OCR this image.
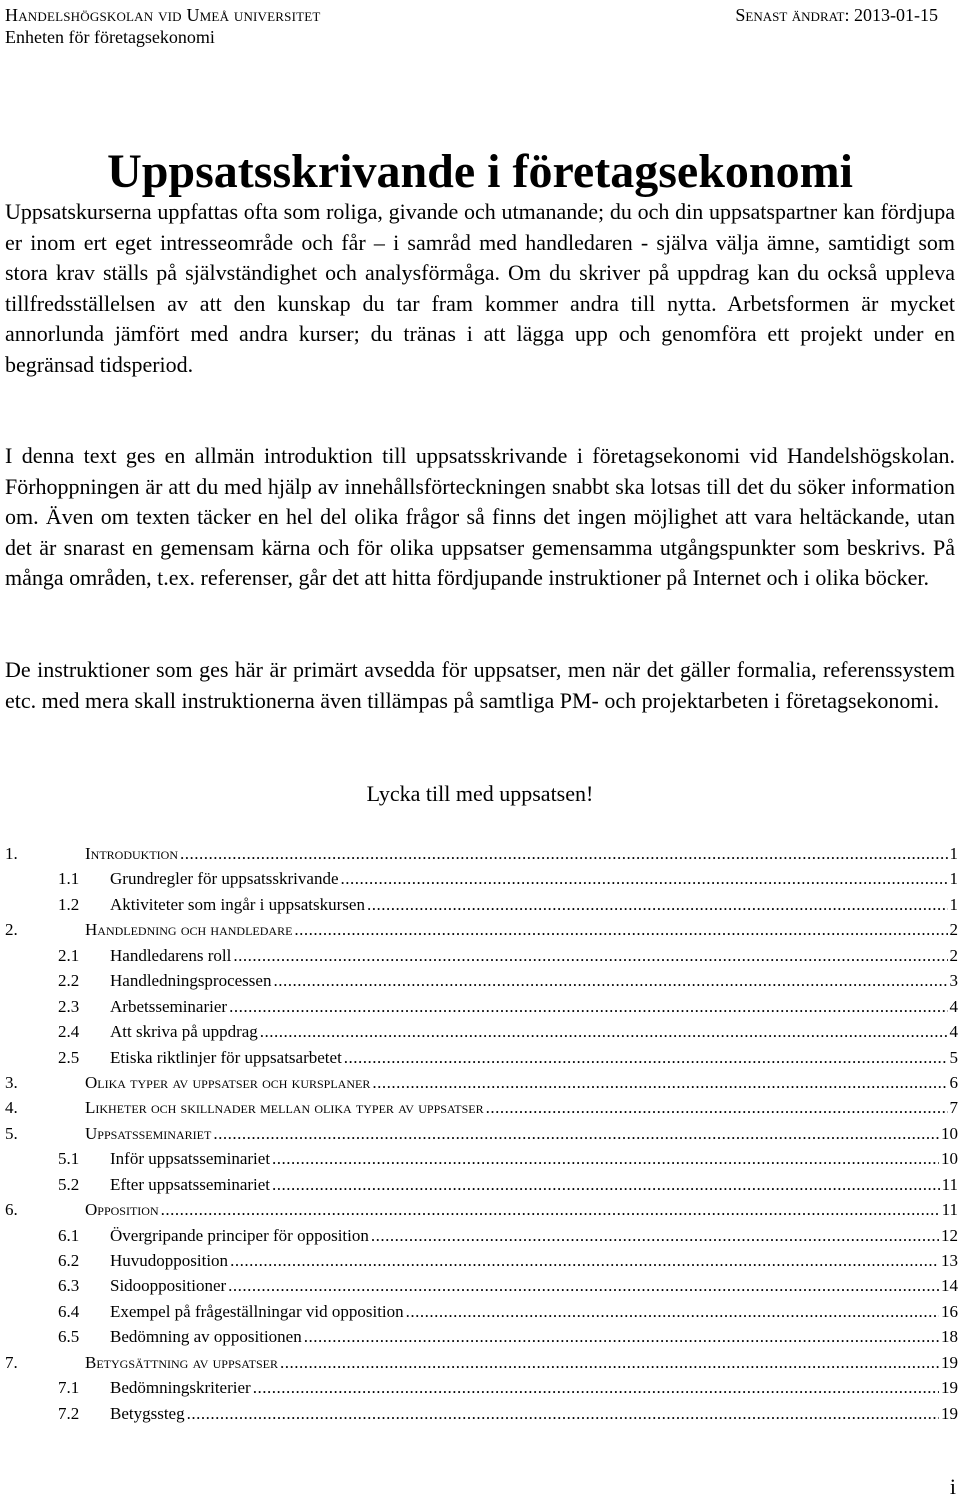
Handelshögskolan vid Umeå universitet
Enheten för företagsekonomi
Senast ändrat: 2013-01-15
Uppsatsskrivande i företagsekonomi

Uppsatskurserna uppfattas ofta som roliga, givande och utmanande; du och din uppsatspartner kan fördjupa er inom ert eget intresseområde och får – i samråd med handledaren - själva välja ämne, samtidigt som stora krav ställs på självständighet och analysförmåga. Om du skriver på uppdrag kan du också uppleva tillfredsställelsen av att den kunskap du tar fram kommer andra till nytta. Arbetsformen är mycket annorlunda jämfört med andra kurser; du tränas i att lägga upp och genomföra ett projekt under en begränsad tidsperiod.

I denna text ges en allmän introduktion till uppsatsskrivande i företagsekonomi vid Handelshögskolan. Förhoppningen är att du med hjälp av innehållsförteckningen snabbt ska lotsas till det du söker information om. Även om texten täcker en hel del olika frågor så finns det ingen möjlighet att vara heltäckande, utan det är snarast en gemensam kärna och för olika uppsatser gemensamma utgångspunkter som beskrivs. På många områden, t.ex. referenser, går det att hitta fördjupande instruktioner på Internet och i olika böcker.

De instruktioner som ges här är primärt avsedda för uppsatser, men när det gäller formalia, referenssystem etc. med mera skall instruktionerna även tillämpas på samtliga PM- och projektarbeten i företagsekonomi.

Lycka till med uppsatsen!
1.	Introduktion .....	1
1.1	Grundregler för uppsatsskrivande .....	1
1.2	Aktiviteter som ingår i uppsatskursen .....	1
2.	Handledning och handledare .....	2
2.1	Handledarens roll .....	2
2.2	Handledningsprocessen .....	3
2.3	Arbetsseminarier .....	4
2.4	Att skriva på uppdrag .....	4
2.5	Etiska riktlinjer för uppsatsarbetet .....	5
3.	Olika typer av uppsatser och kursplaner .....	6
4.	Likheter och skillnader mellan olika typer av uppsatser .....	7
5.	Uppsatsseminariet .....	10
5.1	Inför uppsatsseminariet .....	10
5.2	Efter uppsatsseminariet .....	11
6.	Opposition .....	11
6.1	Övergripande principer för opposition .....	12
6.2	Huvudopposition .....	13
6.3	Sidooppositioner .....	14
6.4	Exempel på frågeställningar vid opposition .....	16
6.5	Bedömning av oppositionen .....	18
7.	Betygsättning av uppsatser .....	19
7.1	Bedömningskriterier .....	19
7.2	Betygssteg .....	19
i
